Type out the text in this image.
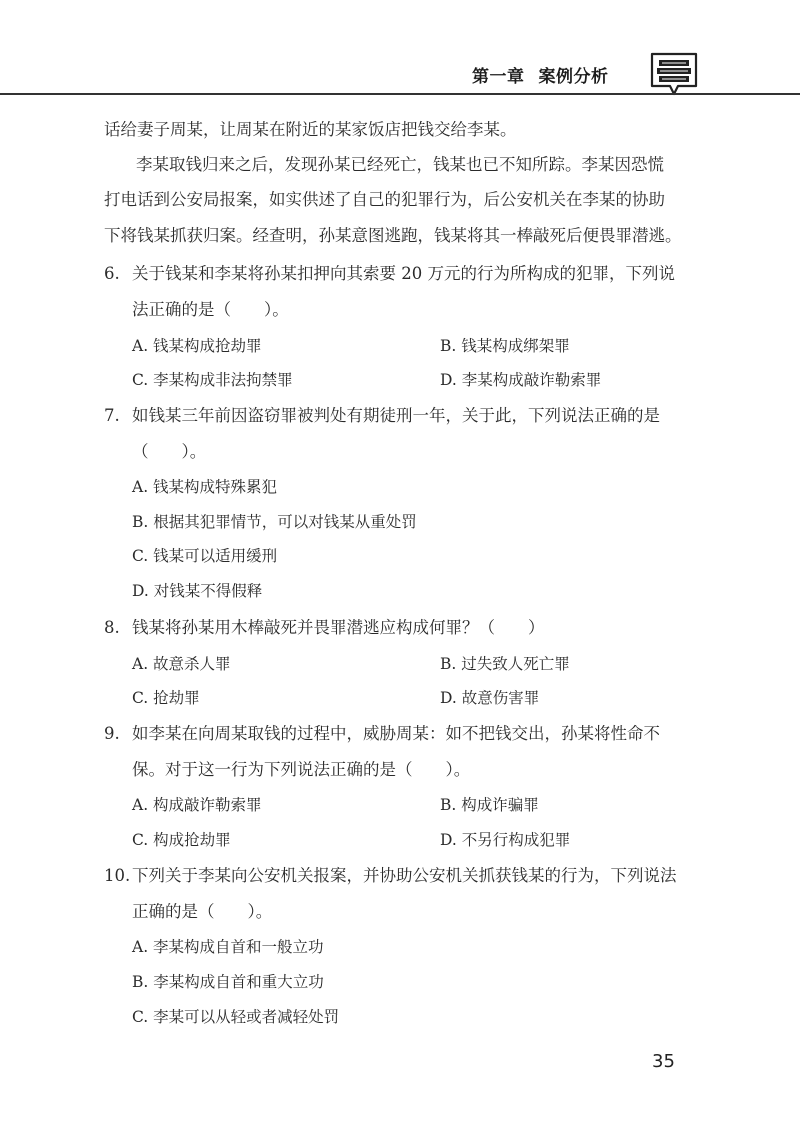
第一章 案例分析
话给妻子周某，让周某在附近的某家饭店把钱交给李某。
李某取钱归来之后，发现孙某已经死亡，钱某也已不知所踪。李某因恐慌
打电话到公安局报案，如实供述了自己的犯罪行为，后公安机关在李某的协助
下将钱某抓获归案。经查明，孙某意图逃跑，钱某将其一棒敲死后便畏罪潜逃。
6. 关于钱某和李某将孙某扣押向其索要 20 万元的行为所构成的犯罪，下列说
法正确的是（　　）。
A. 钱某构成抢劫罪	B. 钱某构成绑架罪
C. 李某构成非法拘禁罪	D. 李某构成敲诈勒索罪
7. 如钱某三年前因盗窃罪被判处有期徒刑一年，关于此，下列说法正确的是
（　　）。
A. 钱某构成特殊累犯
B. 根据其犯罪情节，可以对钱某从重处罚
C. 钱某可以适用缓刑
D. 对钱某不得假释
8. 钱某将孙某用木棒敲死并畏罪潜逃应构成何罪？（　　）
A. 故意杀人罪	B. 过失致人死亡罪
C. 抢劫罪	D. 故意伤害罪
9. 如李某在向周某取钱的过程中，威胁周某：如不把钱交出，孙某将性命不
保。对于这一行为下列说法正确的是（　　）。
A. 构成敲诈勒索罪	B. 构成诈骗罪
C. 构成抢劫罪	D. 不另行构成犯罪
10. 下列关于李某向公安机关报案，并协助公安机关抓获钱某的行为，下列说法
正确的是（　　）。
A. 李某构成自首和一般立功
B. 李某构成自首和重大立功
C. 李某可以从轻或者减轻处罚
35
